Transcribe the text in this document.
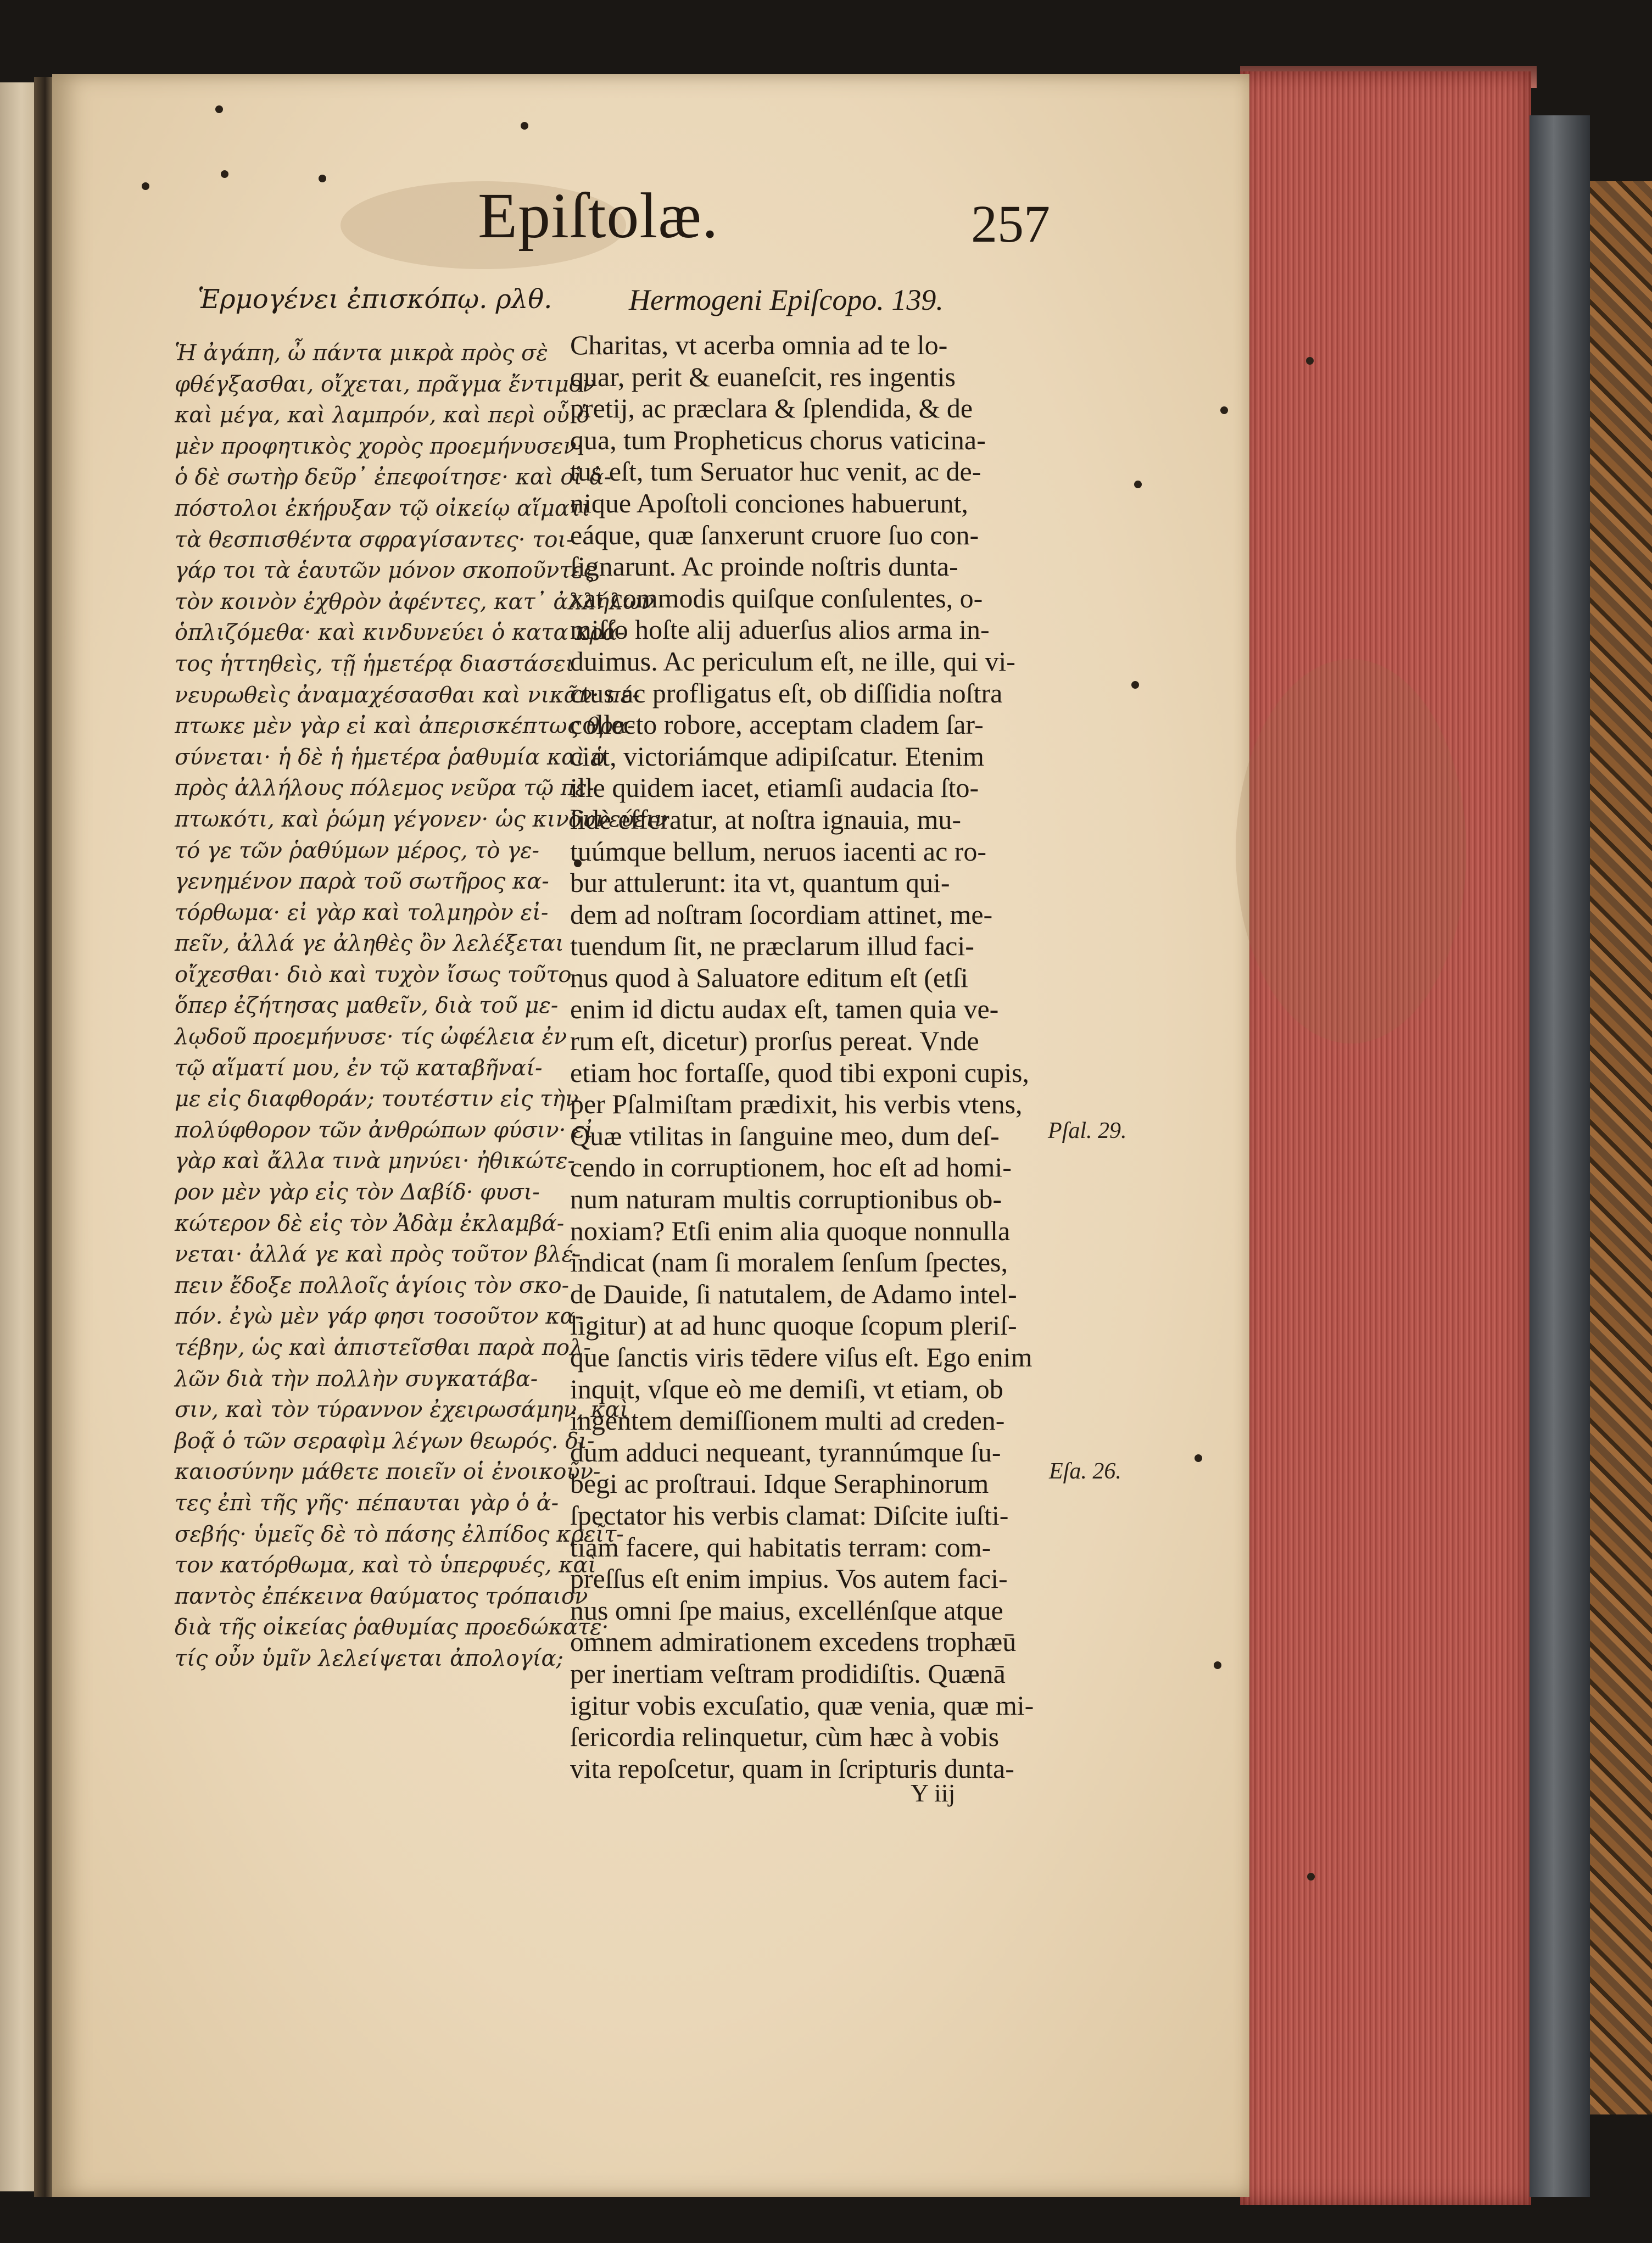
Epiſtolæ.	257
Ἑρμογένει ἐπισκόπῳ. ρλθ.	Hermogeni Epiſcopo. 139.
Ἡ ἀγάπη, ὦ πάντα μικρὰ πρὸς σὲ
φθέγξασθαι, οἴχεται, πρᾶγμα ἔντιμον
καὶ μέγα, καὶ λαμπρόν, καὶ περὶ οὗ ὁ
μὲν προφητικὸς χορὸς προεμήνυσεν·
ὁ δὲ σωτὴρ δεῦρ᾽ ἐπεφοίτησε· καὶ οἱ ἀ-
πόστολοι ἐκήρυξαν τῷ οἰκείῳ αἵματι
τὰ θεσπισθέντα σφραγίσαντες· τοι-
γάρ τοι τὰ ἑαυτῶν μόνον σκοποῦντες
τὸν κοινὸν ἐχθρὸν ἀφέντες, κατ᾽ ἀλλήλων
ὁπλιζόμεθα· καὶ κινδυνεύει ὁ κατα κρά-
τος ἡττηθεὶς, τῇ ἡμετέρᾳ διαστάσει
νευρωθεὶς ἀναμαχέσασθαι καὶ νικᾶν· πέ-
πτωκε μὲν γὰρ εἰ καὶ ἀπερισκέπτως θρα-
σύνεται· ἡ δὲ ἡ ἡμετέρα ῥαθυμία καὶ ὁ
πρὸς ἀλλήλους πόλεμος νεῦρα τῷ πε-
πτωκότι, καὶ ῥώμη γέγονεν· ὡς κινδυνεύειν
τό γε τῶν ῥαθύμων μέρος, τὸ γε-
γενημένον παρὰ τοῦ σωτῆρος κα-
τόρθωμα· εἰ γὰρ καὶ τολμηρὸν εἰ-
πεῖν, ἀλλά γε ἀληθὲς ὂν λελέξεται
οἴχεσθαι· διὸ καὶ τυχὸν ἴσως τοῦτο
ὅπερ ἐζήτησας μαθεῖν, διὰ τοῦ με-
λῳδοῦ προεμήνυσε· τίς ὠφέλεια ἐν
τῷ αἵματί μου, ἐν τῷ καταβῆναί-
με εἰς διαφθοράν; τουτέστιν εἰς τὴν
πολύφθορον τῶν ἀνθρώπων φύσιν· εἰ
γὰρ καὶ ἄλλα τινὰ μηνύει· ἠθικώτε-
ρον μὲν γὰρ εἰς τὸν Δαβίδ· φυσι-
κώτερον δὲ εἰς τὸν Ἀδὰμ ἐκλαμβά-
νεται· ἀλλά γε καὶ πρὸς τοῦτον βλέ-
πειν ἔδοξε πολλοῖς ἁγίοις τὸν σκο-
πόν. ἐγὼ μὲν γάρ φησι τοσοῦτον κα-
τέβην, ὡς καὶ ἀπιστεῖσθαι παρὰ πολ-
λῶν διὰ τὴν πολλὴν συγκατάβα-
σιν, καὶ τὸν τύραννον ἐχειρωσάμην, καὶ
βοᾷ ὁ τῶν σεραφὶμ λέγων θεωρός. δι-
καιοσύνην μάθετε ποιεῖν οἱ ἐνοικοῦν-
τες ἐπὶ τῆς γῆς· πέπαυται γὰρ ὁ ἀ-
σεβής· ὑμεῖς δὲ τὸ πάσης ἐλπίδος κρεῖτ-
τον κατόρθωμα, καὶ τὸ ὑπερφυές, καὶ
παντὸς ἐπέκεινα θαύματος τρόπαιον
διὰ τῆς οἰκείας ῥαθυμίας προεδώκατε·
τίς οὖν ὑμῖν λελείψεται ἀπολογία;
Charitas, vt acerba omnia ad te lo-
quar, perit & euaneſcit, res ingentis
pretij, ac præclara & ſplendida, & de
qua, tum Propheticus chorus vaticina-
tus eſt, tum Seruator huc venit, ac de-
nique Apoſtoli conciones habuerunt,
eáque, quæ ſanxerunt cruore ſuo con-
ſignarunt. Ac proinde noſtris dunta-
xat commodis quiſque conſulentes, o-
miſſo hoſte alij aduerſus alios arma in-
duimus. Ac periculum eſt, ne ille, qui vi-
ctus ac profligatus eſt, ob diſſidia noſtra
collecto robore, acceptam cladem ſar-
ciat, victoriámque adipiſcatur. Etenim
ille quidem iacet, etiamſi audacia ſto-
lidè efferatur, at noſtra ignauia, mu-
tuúmque bellum, neruos iacenti ac ro-
bur attulerunt: ita vt, quantum qui-
dem ad noſtram ſocordiam attinet, me-
tuendum ſit, ne præclarum illud faci-
nus quod à Saluatore editum eſt (etſi
enim id dictu audax eſt, tamen quia ve-
rum eſt, dicetur) prorſus pereat. Vnde
etiam hoc fortaſſe, quod tibi exponi cupis,
per Pſalmiſtam prædixit, his verbis vtens,
Quæ vtilitas in ſanguine meo, dum deſ-
cendo in corruptionem, hoc eſt ad homi-
num naturam multis corruptionibus ob-
noxiam? Etſi enim alia quoque nonnulla
indicat (nam ſi moralem ſenſum ſpectes,
de Dauide, ſi natutalem, de Adamo intel-
ligitur) at ad hunc quoque ſcopum pleriſ-
que ſanctis viris tēdere viſus eſt. Ego enim
inquit, vſque eò me demiſi, vt etiam, ob
ingentem demiſſionem multi ad creden-
dum adduci nequeant, tyrannúmque ſu-
begi ac proſtraui. Idque Seraphinorum
ſpectator his verbis clamat: Diſcite iuſti-
tiam facere, qui habitatis terram: com-
preſſus eſt enim impius. Vos autem faci-
nus omni ſpe maius, excellénſque atque
omnem admirationem excedens trophæū
per inertiam veſtram prodidiſtis. Quænā
igitur vobis excuſatio, quæ venia, quæ mi-
ſericordia relinquetur, cùm hæc à vobis
vita repoſcetur, quam in ſcripturis dunta-
Pſal. 29.
Eſa. 26.
Y iij
